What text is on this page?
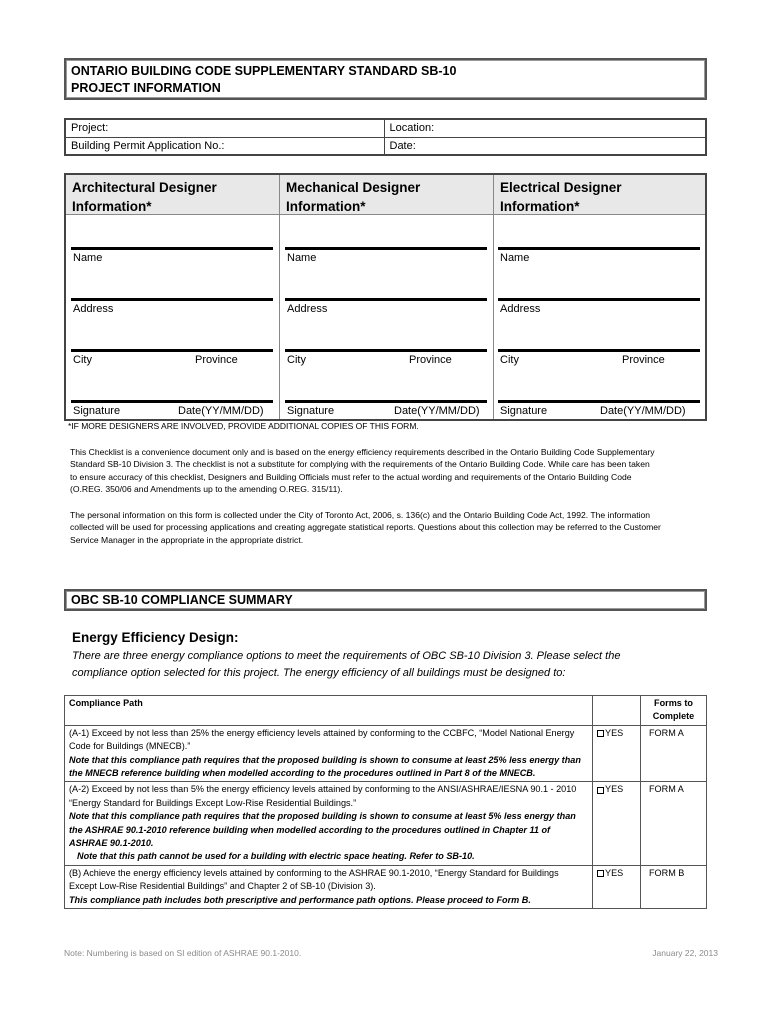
ONTARIO BUILDING CODE SUPPLEMENTARY STANDARD SB-10
PROJECT INFORMATION
Project:	Location:
Building Permit Application No.:	Date:
Architectural Designer
Information*
Mechanical Designer
Information*
Electrical Designer
Information*
Name
Address
City	Province
Signature	Date(YY/MM/DD)
Name
Address
City	Province
Signature	Date(YY/MM/DD)
Name
Address
City	Province
Signature	Date(YY/MM/DD)
*IF MORE DESIGNERS ARE INVOLVED, PROVIDE ADDITIONAL COPIES OF THIS FORM.
This Checklist is a convenience document only and is based on the energy efficiency requirements described in the Ontario Building Code Supplementary
Standard SB-10 Division 3. The checklist is not a substitute for complying with the requirements of the Ontario Building Code. While care has been taken
to ensure accuracy of this checklist, Designers and Building Officials must refer to the actual wording and requirements of the Ontario Building Code
(O.REG. 350/06 and Amendments up to the amending O.REG. 315/11).
The personal information on this form is collected under the City of Toronto Act, 2006, s. 136(c) and the Ontario Building Code Act, 1992. The information
collected will be used for processing applications and creating aggregate statistical reports. Questions about this collection may be referred to the Customer
Service Manager in the appropriate in the appropriate district.
OBC SB-10 COMPLIANCE SUMMARY
Energy Efficiency Design:
There are three energy compliance options to meet the requirements of OBC SB-10 Division 3. Please select the
compliance option selected for this project. The energy efficiency of all buildings must be designed to:
Compliance Path		Forms to
Complete

(A-1) Exceed by not less than 25% the energy efficiency levels attained by conforming to the CCBFC, “Model National Energy Code for Buildings (MNECB).”
Note that this compliance path requires that the proposed building is shown to consume at least 25% less energy than the MNECB reference building when modelled according to the procedures outlined in Part 8 of the MNECB.	YES	FORM A

(A-2) Exceed by not less than 5% the energy efficiency levels attained by conforming to the ANSI/ASHRAE/IESNA 90.1 - 2010 “Energy Standard for Buildings Except Low-Rise Residential Buildings.”
Note that this compliance path requires that the proposed building is shown to consume at least 5% less energy than the ASHRAE 90.1-2010 reference building when modelled according to the procedures outlined in Chapter 11 of ASHRAE 90.1-2010.
Note that this path cannot be used for a building with electric space heating. Refer to SB-10.	YES	FORM A

(B) Achieve the energy efficiency levels attained by conforming to the ASHRAE 90.1-2010, “Energy Standard for Buildings Except Low-Rise Residential Buildings” and Chapter 2 of SB-10 (Division 3).
This compliance path includes both prescriptive and performance path options. Please proceed to Form B.	YES	FORM B
Note: Numbering is based on SI edition of ASHRAE 90.1-2010.	January 22, 2013
